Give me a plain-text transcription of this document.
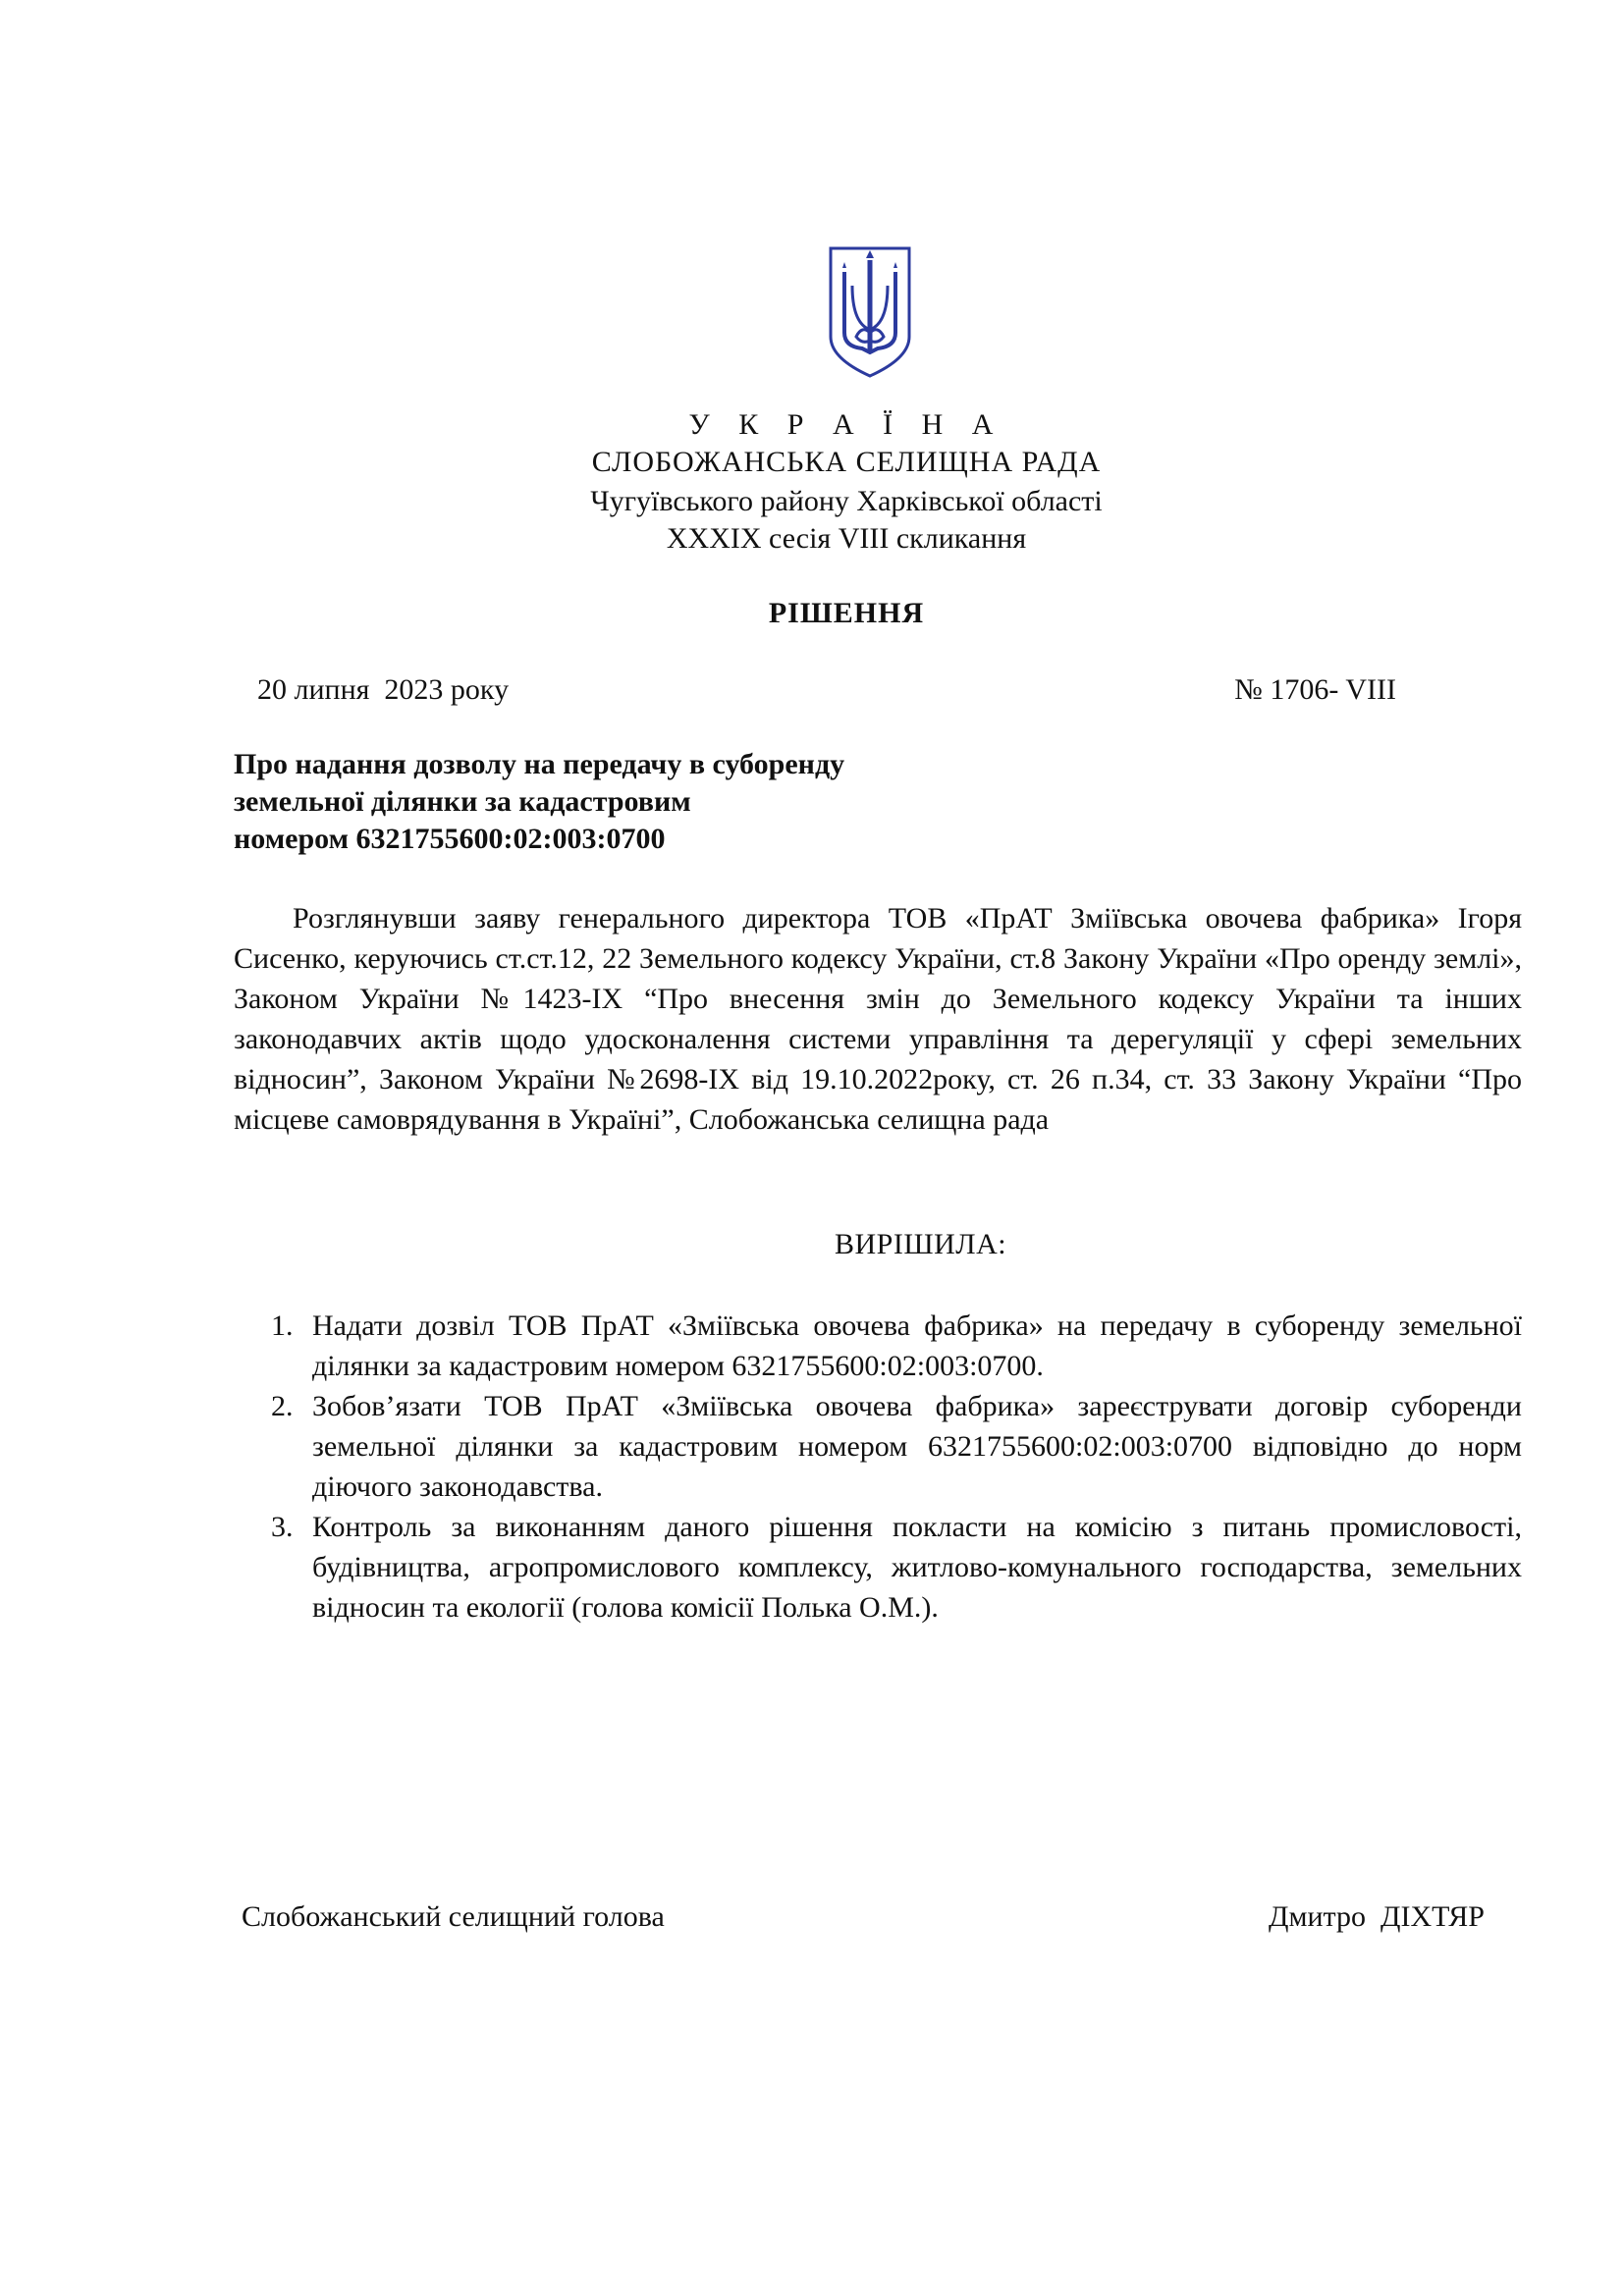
У К Р А Ї Н А
СЛОБОЖАНСЬКА СЕЛИЩНА РАДА
Чугуївського району Харківської області
XXXIX сесія VIII скликання
РІШЕННЯ
20 липня  2023 року	№ 1706- VIII
Про надання дозволу на передачу в суборенду
земельної ділянки за кадастровим
номером 6321755600:02:003:0700
Розглянувши заяву генерального директора ТОВ «ПрАТ Зміївська овочева фабрика» Ігоря Сисенко, керуючись ст.ст.12, 22 Земельного кодексу України, ст.8 Закону України «Про оренду землі», Законом України №1423-IX “Про внесення змін до Земельного кодексу України та інших законодавчих актів щодо удосконалення системи управління та дерегуляції у сфері земельних відносин”, Законом України №2698-IX від 19.10.2022року, ст. 26 п.34, ст. 33 Закону України “Про місцеве самоврядування в Україні”, Слобожанська селищна рада
ВИРІШИЛА:
1. Надати дозвіл ТОВ ПрАТ «Зміївська овочева фабрика» на передачу в суборенду земельної ділянки за кадастровим номером 6321755600:02:003:0700.
2. Зобов’язати ТОВ ПрАТ «Зміївська овочева фабрика» зареєструвати договір суборенди земельної ділянки за кадастровим номером 6321755600:02:003:0700 відповідно до норм діючого законодавства.
3. Контроль за виконанням даного рішення покласти на комісію з питань промисловості, будівництва, агропромислового комплексу, житлово-комунального господарства, земельних відносин та екології (голова комісії Полька О.М.).
Слобожанський селищний голова	Дмитро  ДІХТЯР
